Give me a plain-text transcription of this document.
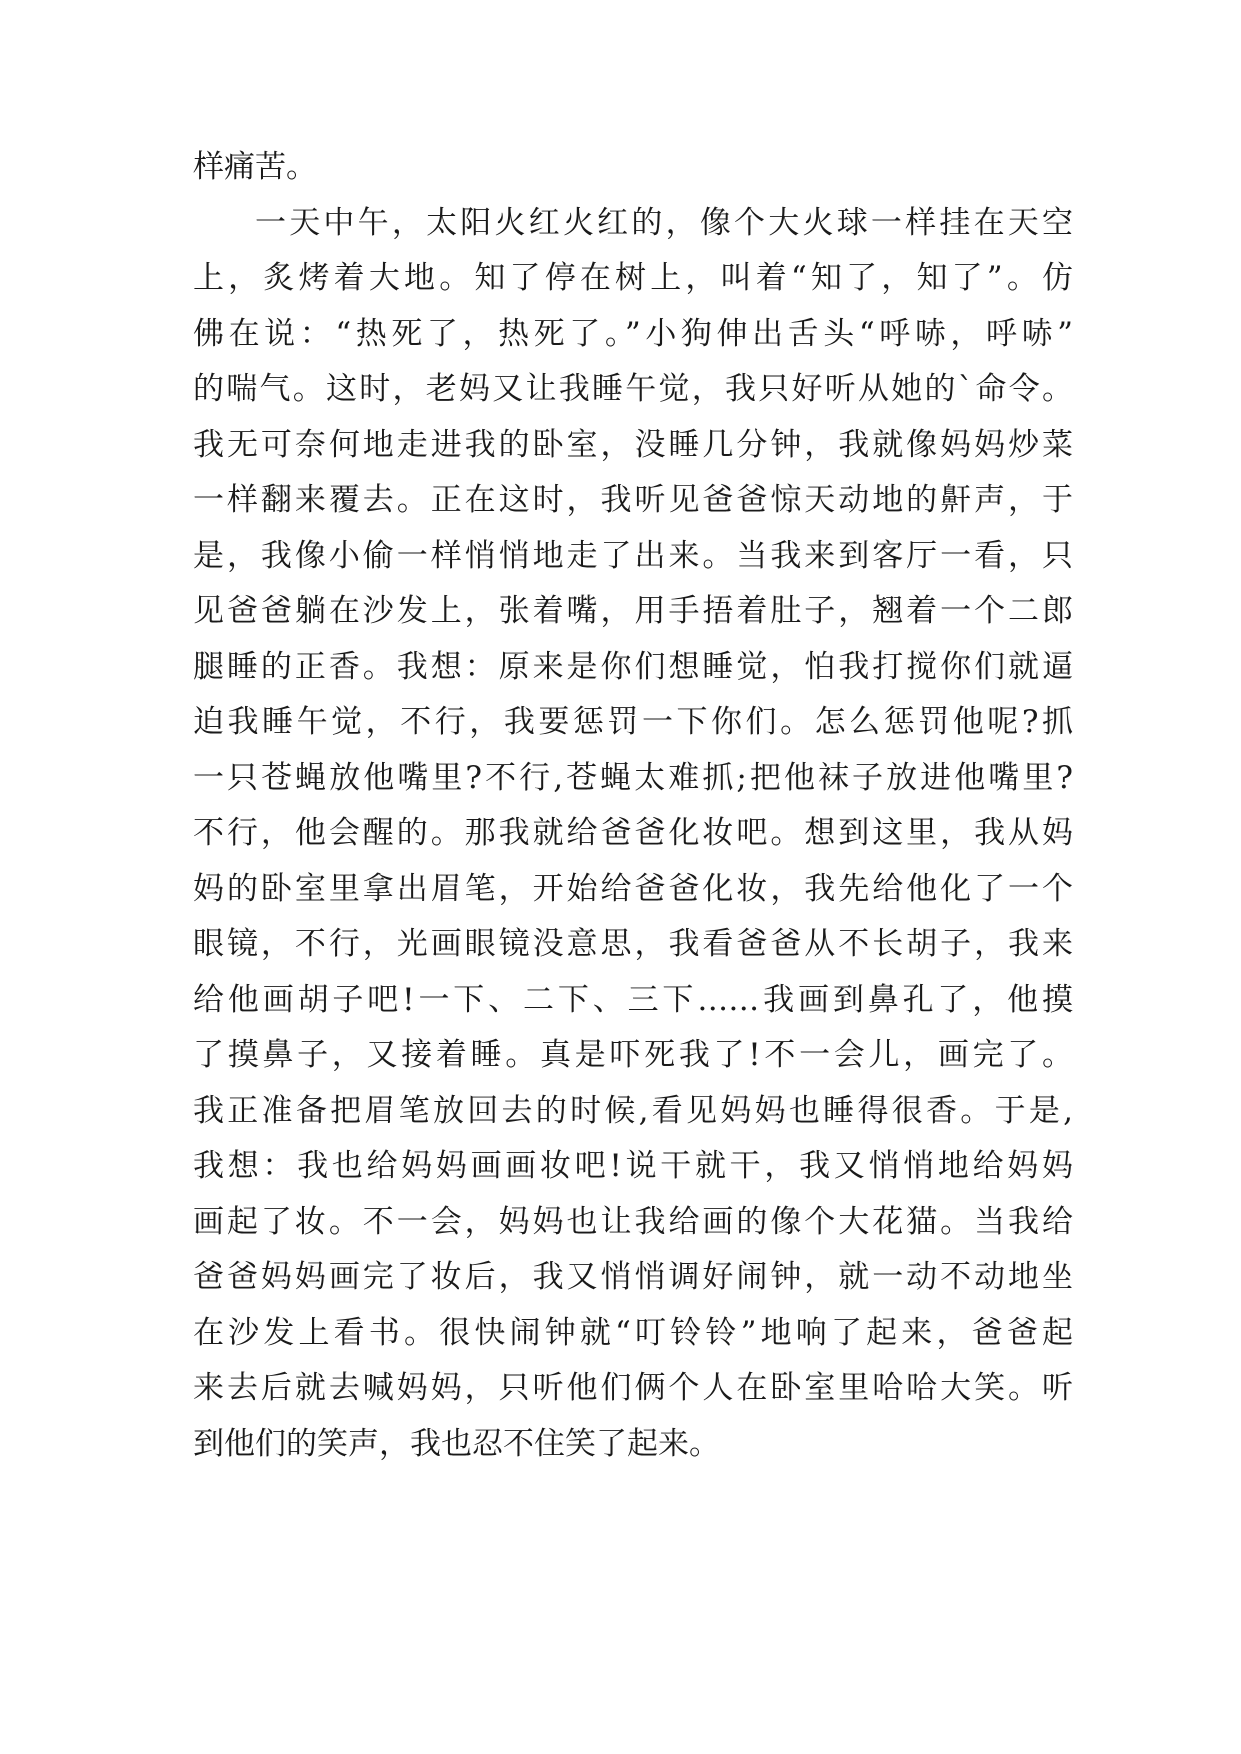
样痛苦。
一天中午，太阳火红火红的，像个大火球一样挂在天空
上，炙烤着大地。知了停在树上，叫着“知了，知了”。仿
佛在说：“热死了，热死了。”小狗伸出舌头“呼哧，呼哧”
的喘气。这时，老妈又让我睡午觉，我只好听从她的`命令。
我无可奈何地走进我的卧室，没睡几分钟，我就像妈妈炒菜
一样翻来覆去。正在这时，我听见爸爸惊天动地的鼾声，于
是，我像小偷一样悄悄地走了出来。当我来到客厅一看，只
见爸爸躺在沙发上，张着嘴，用手捂着肚子，翘着一个二郎
腿睡的正香。我想：原来是你们想睡觉，怕我打搅你们就逼
迫我睡午觉，不行，我要惩罚一下你们。怎么惩罚他呢?抓
一只苍蝇放他嘴里?不行,苍蝇太难抓;把他袜子放进他嘴里?
不行，他会醒的。那我就给爸爸化妆吧。想到这里，我从妈
妈的卧室里拿出眉笔，开始给爸爸化妆，我先给他化了一个
眼镜，不行，光画眼镜没意思，我看爸爸从不长胡子，我来
给他画胡子吧!一下、二下、三下……我画到鼻孔了，他摸
了摸鼻子，又接着睡。真是吓死我了!不一会儿，画完了。
我正准备把眉笔放回去的时候,看见妈妈也睡得很香。于是,
我想：我也给妈妈画画妆吧!说干就干，我又悄悄地给妈妈
画起了妆。不一会，妈妈也让我给画的像个大花猫。当我给
爸爸妈妈画完了妆后，我又悄悄调好闹钟，就一动不动地坐
在沙发上看书。很快闹钟就“叮铃铃”地响了起来，爸爸起
来去后就去喊妈妈，只听他们俩个人在卧室里哈哈大笑。听
到他们的笑声，我也忍不住笑了起来。
